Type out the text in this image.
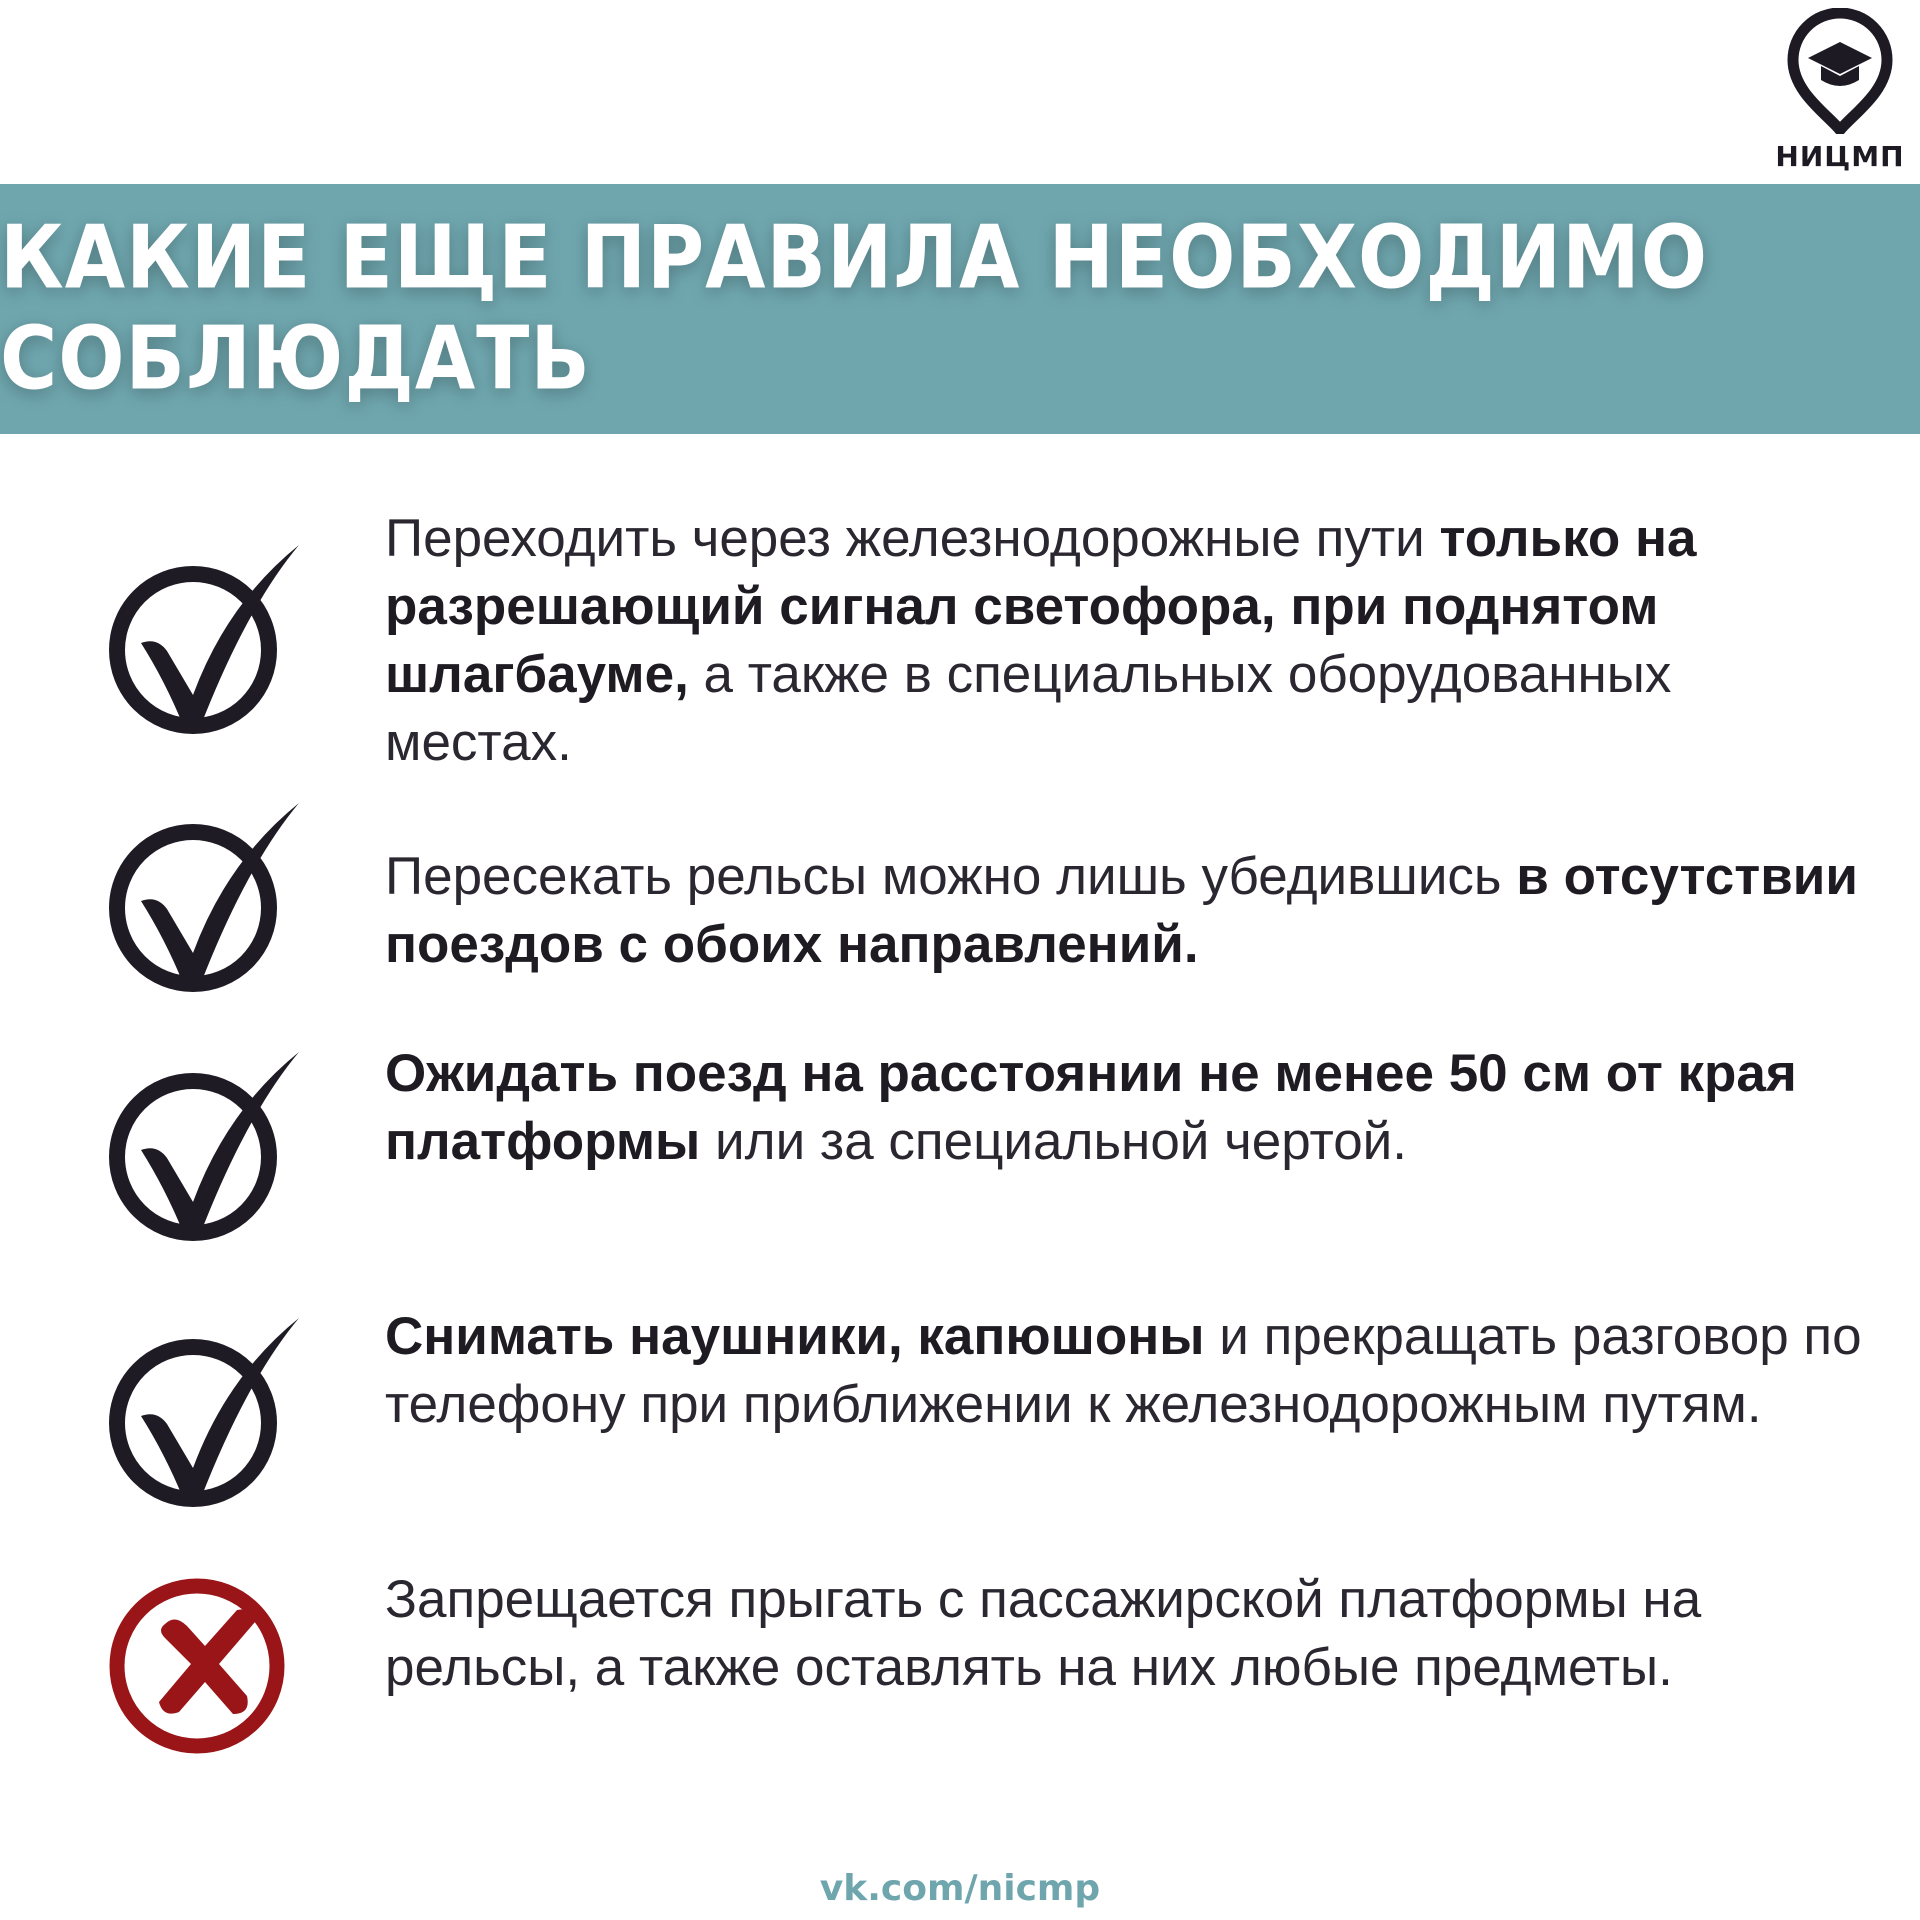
НИЦМП
КАКИЕ ЕЩЕ ПРАВИЛА НЕОБХОДИМО СОБЛЮДАТЬ
Переходить через железнодорожные пути только на разрешающий сигнал светофора, при поднятом шлагбауме, а также в специальных оборудованных местах.
Пересекать рельсы можно лишь убедившись в отсутствии поездов с обоих направлений.
Ожидать поезд на расстоянии не менее 50 см от края платформы или за специальной чертой.
Снимать наушники, капюшоны и прекращать разговор по телефону при приближении к железнодорожным путям.
Запрещается прыгать с пассажирской платформы на рельсы, а также оставлять на них любые предметы.
vk.com/nicmp
